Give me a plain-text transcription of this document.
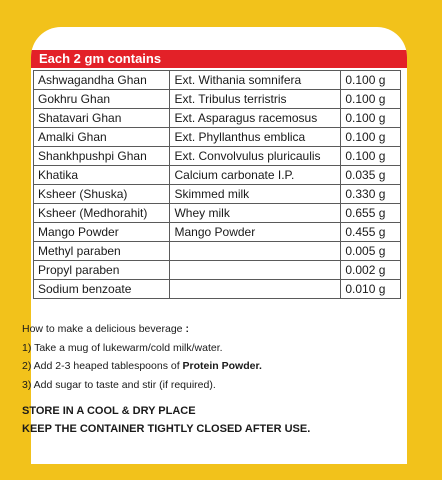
Each 2 gm contains
Ashwagandha Ghan	Ext. Withania somnifera	0.100 g
Gokhru Ghan	Ext. Tribulus terristris	0.100 g
Shatavari Ghan	Ext. Asparagus racemosus	0.100 g
Amalki Ghan	Ext. Phyllanthus emblica	0.100 g
Shankhpushpi Ghan	Ext. Convolvulus pluricaulis	0.100 g
Khatika	Calcium carbonate I.P.	0.035 g
Ksheer (Shuska)	Skimmed milk	0.330 g
Ksheer (Medhorahit)	Whey milk	0.655 g
Mango Powder	Mango Powder	0.455 g
Methyl paraben		0.005 g
Propyl paraben		0.002 g
Sodium benzoate		0.010 g
How to make a delicious beverage :
1) Take a mug of lukewarm/cold milk/water.
2) Add 2-3 heaped tablespoons of Protein Powder.
3) Add sugar to taste and stir (if required).
STORE IN A COOL & DRY PLACE
KEEP THE CONTAINER TIGHTLY CLOSED AFTER USE.
